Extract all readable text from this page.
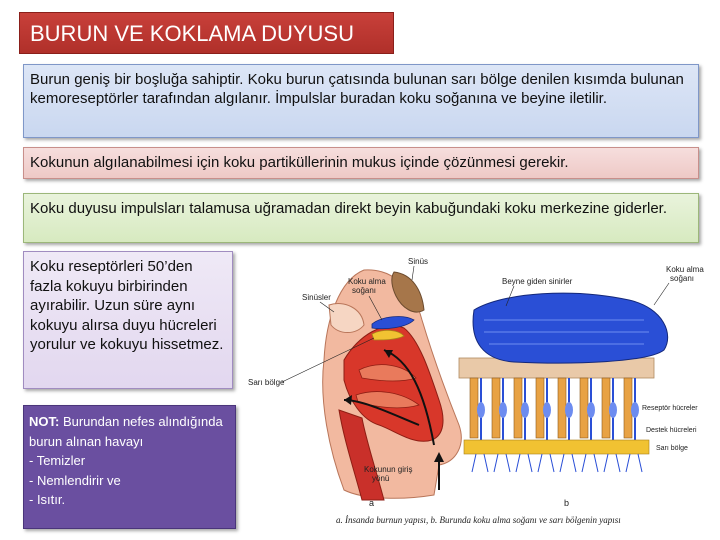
BURUN VE KOKLAMA DUYUSU
Burun geniş bir boşluğa sahiptir. Koku burun çatısında bulunan sarı bölge denilen kısımda bulunan kemoreseptörler tarafından algılanır. İmpulslar buradan koku soğanına ve beyine iletilir.
Kokunun algılanabilmesi için koku partiküllerinin mukus içinde çözünmesi gerekir.
Koku duyusu impulsları talamusa uğramadan direkt beyin kabuğundaki koku merkezine giderler.
Koku reseptörleri 50’den fazla kokuyu birbirinden ayırabilir. Uzun süre aynı kokuyu alırsa duyu hücreleri yorulur ve kokuyu hissetmez.
NOT: Burundan nefes alındığında burun alınan havayı
- Temizler
- Nemlendirir ve
- Isıtır.
Sinüs
Sinüsler
Koku alma
soğanı
Sarı bölge
Kokunun giriş
yönü
a
Beyne giden sinirler
Koku alma
soğanı
Reseptör hücreler
Destek hücreleri
Sarı bölge
b
a. İnsanda burnun yapısı, b. Burunda koku alma soğanı ve sarı bölgenin yapısı
